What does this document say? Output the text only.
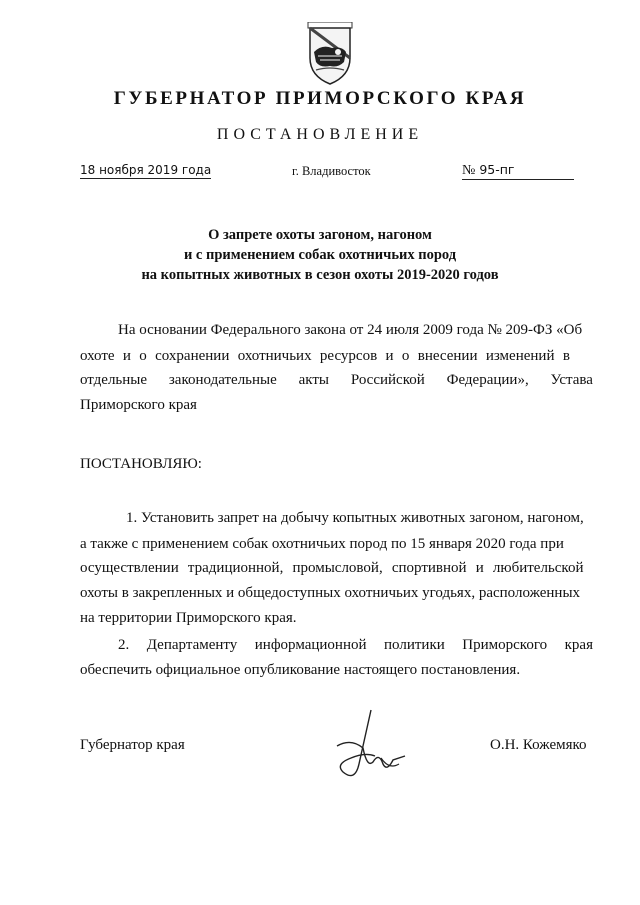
ГУБЕРНАТОР ПРИМОРСКОГО КРАЯ
ПОСТАНОВЛЕНИЕ
18 ноября 2019 года	г. Владивосток	№ 95-пг
О запрете охоты загоном, нагоном
и с применением собак охотничьих пород
на копытных животных в сезон охоты 2019-2020 годов
На основании Федерального закона от 24 июля 2009 года № 209-ФЗ «Об
охоте и о сохранении охотничьих ресурсов и о внесении изменений в
отдельные законодательные акты Российской Федерации», Устава
Приморского края
ПОСТАНОВЛЯЮ:
1. Установить запрет на добычу копытных животных загоном, нагоном,
а также с применением собак охотничьих пород по 15 января 2020 года при
осуществлении традиционной, промысловой, спортивной и любительской
охоты в закрепленных и общедоступных охотничьих угодьях, расположенных
на территории Приморского края.
2. Департаменту информационной политики Приморского края
обеспечить официальное опубликование настоящего постановления.
Губернатор края	О.Н. Кожемяко
